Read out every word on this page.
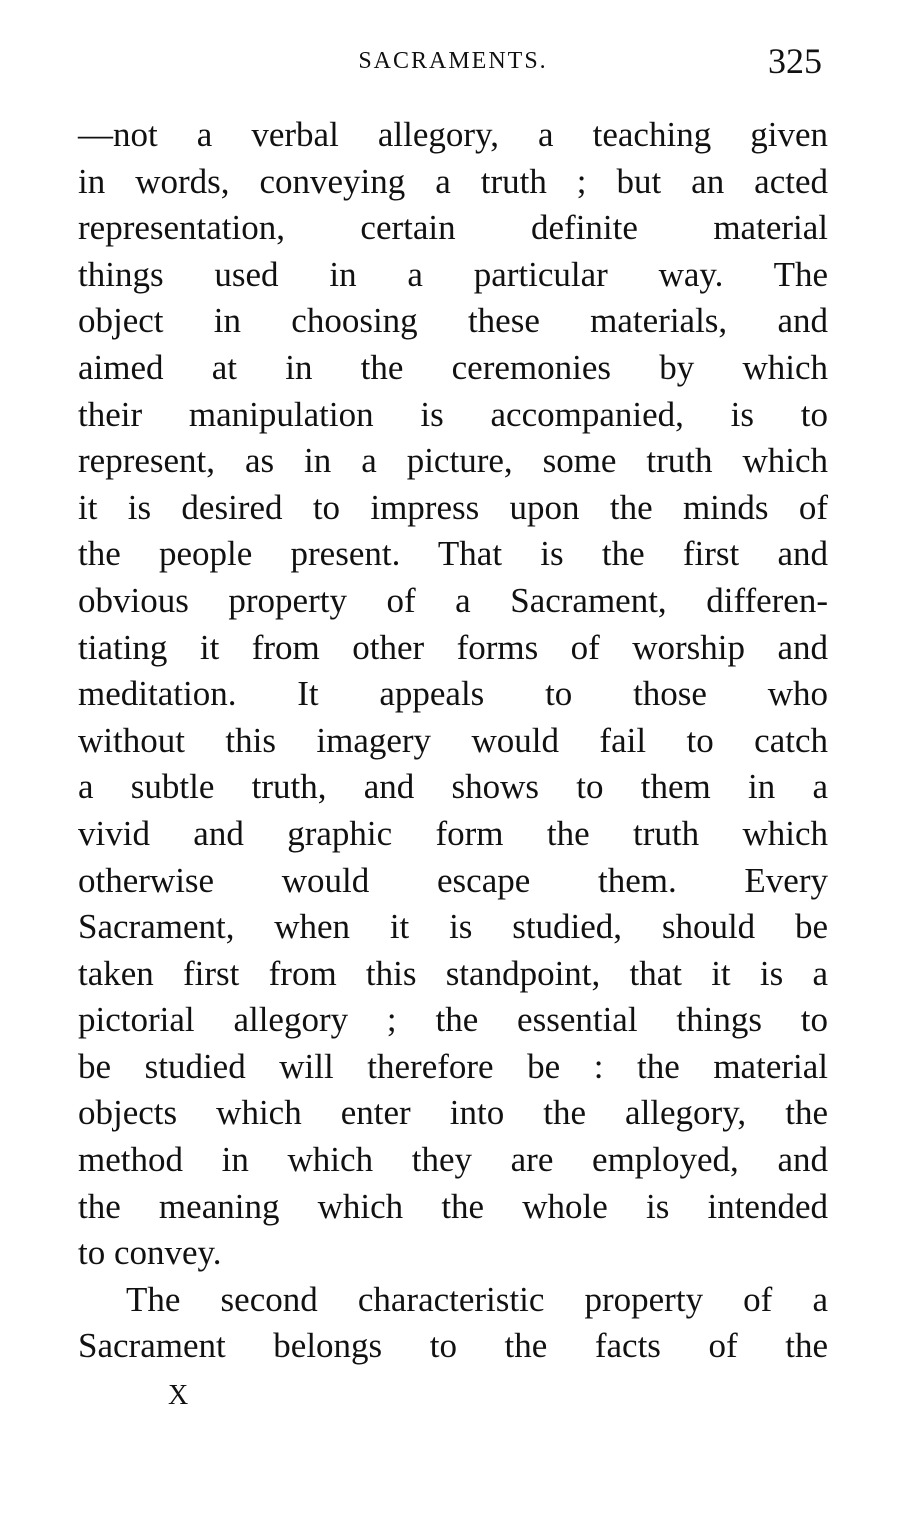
SACRAMENTS.	325
—not a verbal allegory, a teaching given
in words, conveying a truth ; but an acted
representation, certain definite material
things used in a particular way. The
object in choosing these materials, and
aimed at in the ceremonies by which
their manipulation is accompanied, is to
represent, as in a picture, some truth which
it is desired to impress upon the minds of
the people present. That is the first and
obvious property of a Sacrament, differen-
tiating it from other forms of worship and
meditation. It appeals to those who
without this imagery would fail to catch
a subtle truth, and shows to them in a
vivid and graphic form the truth which
otherwise would escape them. Every
Sacrament, when it is studied, should be
taken first from this standpoint, that it is a
pictorial allegory ; the essential things to
be studied will therefore be : the material
objects which enter into the allegory, the
method in which they are employed, and
the meaning which the whole is intended
to convey.
The second characteristic property of a
Sacrament belongs to the facts of the
X
